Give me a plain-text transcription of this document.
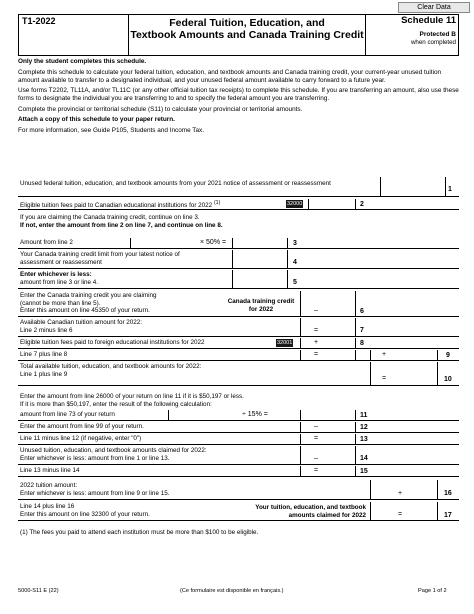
Clear Data
T1-2022	Federal Tuition, Education, and
Textbook Amounts and Canada Training Credit
Schedule 11
Protected B
when completed

Only the student completes this schedule.

Complete this schedule to calculate your federal tuition, education, and textbook amounts and Canada training credit, your current-year unused tuition amount available to transfer to a designated individual, and your unused federal amount available to carry forward to a future year.

Use forms T2202, TL11A, and/or TL11C (or any other official tuition tax receipts) to complete this schedule. If you are transferring an amount, also use these forms to designate the individual you are transferring to and to specify the federal amount you are transferring.

Complete the provincial or territorial schedule (S11) to calculate your provincial or territorial amounts.

Attach a copy of this schedule to your paper return.

For more information, see Guide P105, Students and Income Tax.

Unused federal tuition, education, and textbook amounts from your 2021 notice of assessment or reassessment
1
Eligible tuition fees paid to Canadian educational institutions for 2022 $^{(1)}$	32000	2
If you are claiming the Canada training credit, continue on line 3.
If not, enter the amount from line 2 on line 7, and continue on line 8.
Amount from line 2	× 50% =	3
Your Canada training credit limit from your latest notice of assessment or reassessment	4
Enter whichever is less:
amount from line 3 or line 4.	5
Enter the Canada training credit you are claiming
(cannot be more than line 5).
Enter this amount on line 45350 of your return.
Canada training credit for 2022	–	6
Available Canadian tuition amount for 2022:
Line 2 minus line 6	=	7
Eligible tuition fees paid to foreign educational institutions for 2022	32001	+	8
Line 7 plus line 8	=	+	9
Total available tuition, education, and textbook amounts for 2022:
Line 1 plus line 9
=	10
Enter the amount from line 26000 of your return on line 11 if it is $50,197 or less.
If it is more than $50,197, enter the result of the following calculation:
amount from line 73 of your return	÷ 15% =	11
Enter the amount from line 99 of your return.	–	12
Line 11 minus line 12 (if negative, enter "0")	=	13
Unused tuition, education, and textbook amounts claimed for 2022:
Enter whichever is less: amount from line 1 or line 13.	–	14
Line 13 minus line 14	=	15
2022 tuition amount:
Enter whichever is less: amount from line 9 or line 15.	+	16
Line 14 plus line 16
Enter this amount on line 32300 of your return.
Your tuition, education, and textbook amounts claimed for 2022	=	17
(1) The fees you paid to attend each institution must be more than $100 to be eligible.
5000-S11 E (22)	(Ce formulaire est disponible en français.)	Page 1 of 2
